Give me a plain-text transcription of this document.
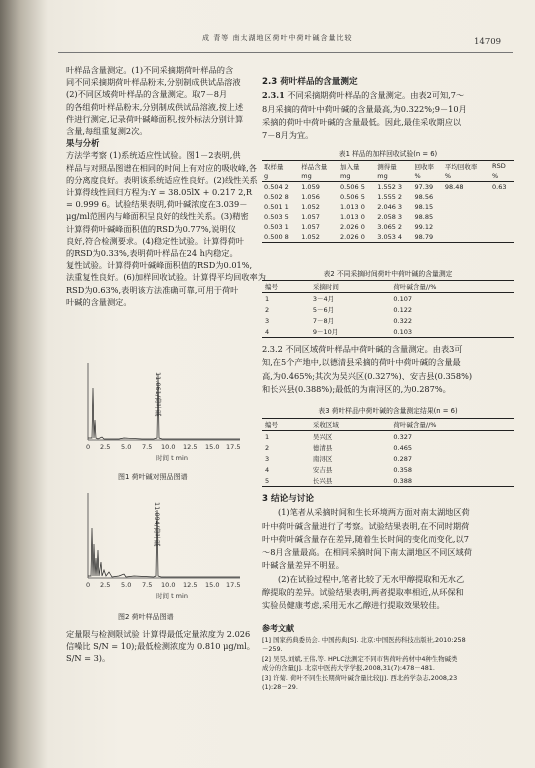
成 青等 南太湖地区荷叶中荷叶碱含量比较	14709

叶样品含量测定。(1)不同采摘期荷叶样品的含

同不同采摘期荷叶样品粉末,分别制成供试品溶液

(2)不同区域荷叶样品的含量测定。取7－8月

的各组荷叶样品粉末,分别制成供试品溶液,按上述

件进行测定,记录荷叶碱峰面积,按外标法分别计算

含量,每组重复测2次。

果与分析

方法学考察 (1)系统适应性试验。图1－2表明,供

样品与对照品图谱在相同的时间上有对应的吸收峰,各

的分离度良好。表明该系统适应性良好。(2)线性关系

计算得线性回归方程为:Y = 38.05lX + 0.217 2,R

= 0.999 6。试验结果表明,荷叶碱浓度在3.039－

μg/ml范围内与峰面积呈良好的线性关系。(3)精密

计算得荷叶碱峰面积值的RSD为0.77%,说明仪

良好,符合检测要求。(4)稳定性试验。计算得荷叶

的RSD为0.33%,表明荷叶样品在24 h内稳定。

复性试验。计算得荷叶碱峰面积值的RSD为0.01%,

法重复性良好。(6)加样回收试验。计算得平均回收率为

RSD为0.63%,表明该方法准确可靠,可用于荷叶

叶碱的含量测定。

11.061/荷叶碱
0 2.5 5.0 7.5 10.0 12.5 15.0 17.5
时间 t min
图1 荷叶碱对照品图谱
11.094/荷叶碱
0 2.5 5.0 7.5 10.0 12.5 15.0 17.5
时间 t min
图2 荷叶样品图谱

定量限与检测限试验 计算得最低定量浓度为 2.026

信噪比 S/N = 10);最低检测浓度为 0.810 μg/ml。

S/N = 3)。

2.3 荷叶样品的含量测定

2.3.1 不同采摘期荷叶样品的含量测定。由表2可知,7～

8月采摘的荷叶中荷叶碱的含量最高,为0.322%;9－10月

采摘的荷叶中荷叶碱的含量最低。因此,最佳采收期应以

7－8月为宜。

表1 样品的加样回收试验(n = 6)
取样量	样品含量	加入量	测得量	回收率	平均回收率	RSD
g	mg	mg	mg	%	%	%
0.504 2	1.059	0.506 5	1.552 3	97.39	98.48	0.63
0.502 8	1.056	0.506 5	1.555 2	98.56		
0.501 1	1.052	1.013 0	2.046 3	98.15		
0.503 5	1.057	1.013 0	2.058 3	98.85		
0.503 1	1.057	2.026 0	3.065 2	99.12		
0.500 8	1.052	2.026 0	3.053 4	98.79		
表2 不同采摘时间荷叶中荷叶碱的含量测定
编号	采摘时间	荷叶碱含量//%
1	3－4月	0.107
2	5－6月	0.122
3	7－8月	0.322
4	9－10月	0.103

2.3.2 不同区域荷叶样品中荷叶碱的含量测定。由表3可

知,在5个产地中,以德清县采摘的荷叶中荷叶碱的含量最

高,为0.465%;其次为吴兴区(0.327%)、安吉县(0.358%)

和长兴县(0.388%);最低的为南浔区的,为0.287%。

表3 荷叶样品中荷叶碱的含量测定结果(n = 6)
编号	采收区域	荷叶碱含量//%
1	吴兴区	0.327
2	德清县	0.465
3	南浔区	0.287
4	安吉县	0.358
5	长兴县	0.388

3 结论与讨论

(1)笔者从采摘时间和生长环境两方面对南太湖地区荷

叶中荷叶碱含量进行了考察。试验结果表明,在不同时期荷

叶中荷叶碱含量存在差异,随着生长时间的变化而变化,以7

～8月含量最高。在相同采摘时间下南太湖地区不同区域荷

叶碱含量差异不明显。

(2)在试验过程中,笔者比较了无水甲醇提取和无水乙

醇提取的差异。试验结果表明,两者提取率相近,从环保和

实验员健康考虑,采用无水乙醇进行提取效果较佳。

参考文献

[1] 国家药典委员会. 中国药典[S]. 北京:中国医药科技出版社,2010:258

－259.

[2] 吴昊,刘斌,王伟,等. HPLC法测定不同市售荷叶药材中4种生物碱类

成分的含量[J]. 北京中医药大学学报,2008,31(7):478－481.

[3] 许菊. 荷叶不同生长期荷叶碱含量比较[J]. 西北药学杂志,2008,23

(1):28－29.
